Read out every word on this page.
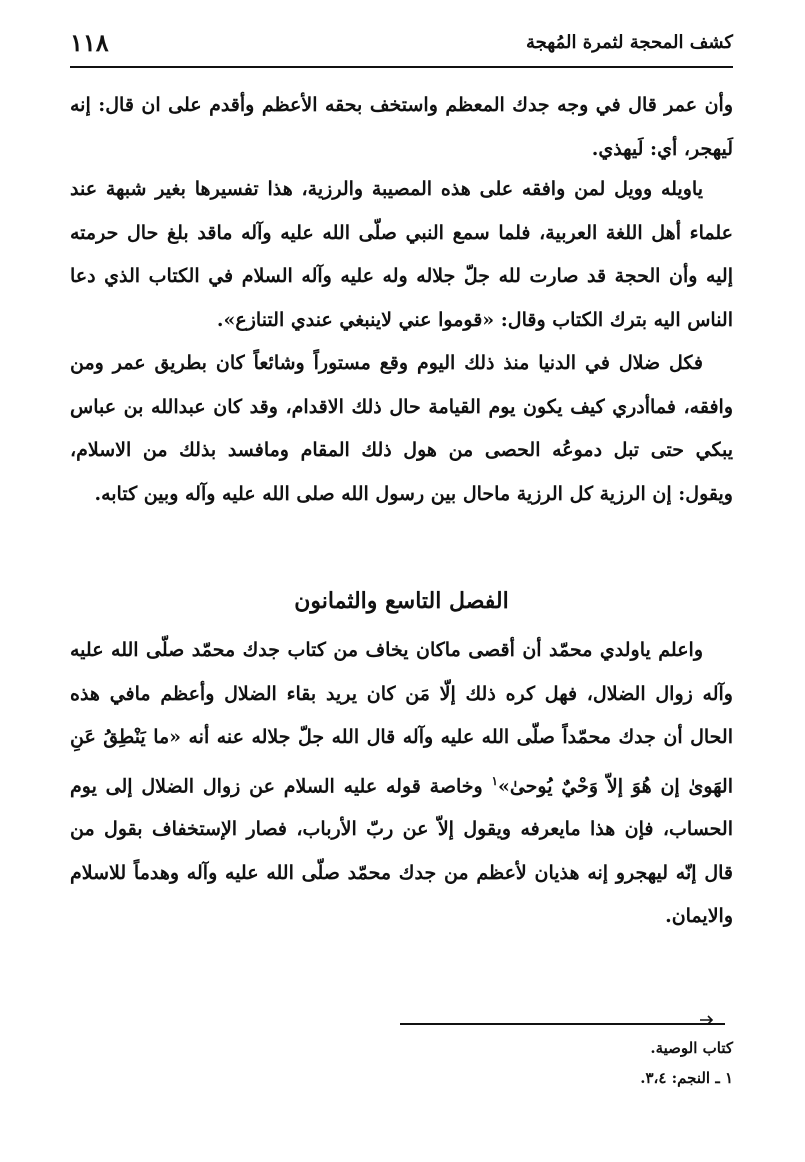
١١٨	كشف المحجة لثمرة المُهجة

وأن عمر قال في وجه جدك المعظم واستخف بحقه الأعظم وأقدم على ان قال: إنه لَيهجر، أي: لَيهذي.

ياويله وويل لمن وافقه على هذه المصيبة والرزية، هذا تفسيرها بغير شبهة عند علماء أهل اللغة العربية، فلما سمع النبي صلّى الله عليه وآله ماقد بلغ حال حرمته إليه وأن الحجة قد صارت لله جلّ جلاله وله عليه وآله السلام في الكتاب الذي دعا الناس اليه بترك الكتاب وقال: «قوموا عني لاينبغي عندي التنازع».

فكل ضلال في الدنيا منذ ذلك اليوم وقع مستوراً وشائعاً كان بطريق عمر ومن وافقه، فماأدري كيف يكون يوم القيامة حال ذلك الاقدام، وقد كان عبدالله بن عباس يبكي حتى تبل دموعُه الحصى من هول ذلك المقام ومافسد بذلك من الاسلام، ويقول: إن الرزية كل الرزية ماحال بين رسول الله صلى الله عليه وآله وبين كتابه.

الفصل التاسع والثمانون

واعلم ياولدي محمّد أن أقصى ماكان يخاف من كتاب جدك محمّد صلّى الله عليه وآله زوال الضلال، فهل كره ذلك إلّا مَن كان يريد بقاء الضلال وأعظم مافي هذه الحال أن جدك محمّداً صلّى الله عليه وآله قال الله جلّ جلاله عنه أنه «ما يَنْطِقُ عَنِ الهَوىٰ إن هُوَ إلاّ وَحْيٌ يُوحىٰ»$^١$ وخاصة قوله عليه السلام عن زوال الضلال إلى يوم الحساب، فإن هذا مايعرفه ويقول إلاّ عن ربّ الأرباب، فصار الإستخفاف بقول من قال إنّه ليهجرو إنه هذيان لأعظم من جدك محمّد صلّى الله عليه وآله وهدماً للاسلام والايمان.

كتاب الوصية.
١ ـ النجم: ٣،٤.
